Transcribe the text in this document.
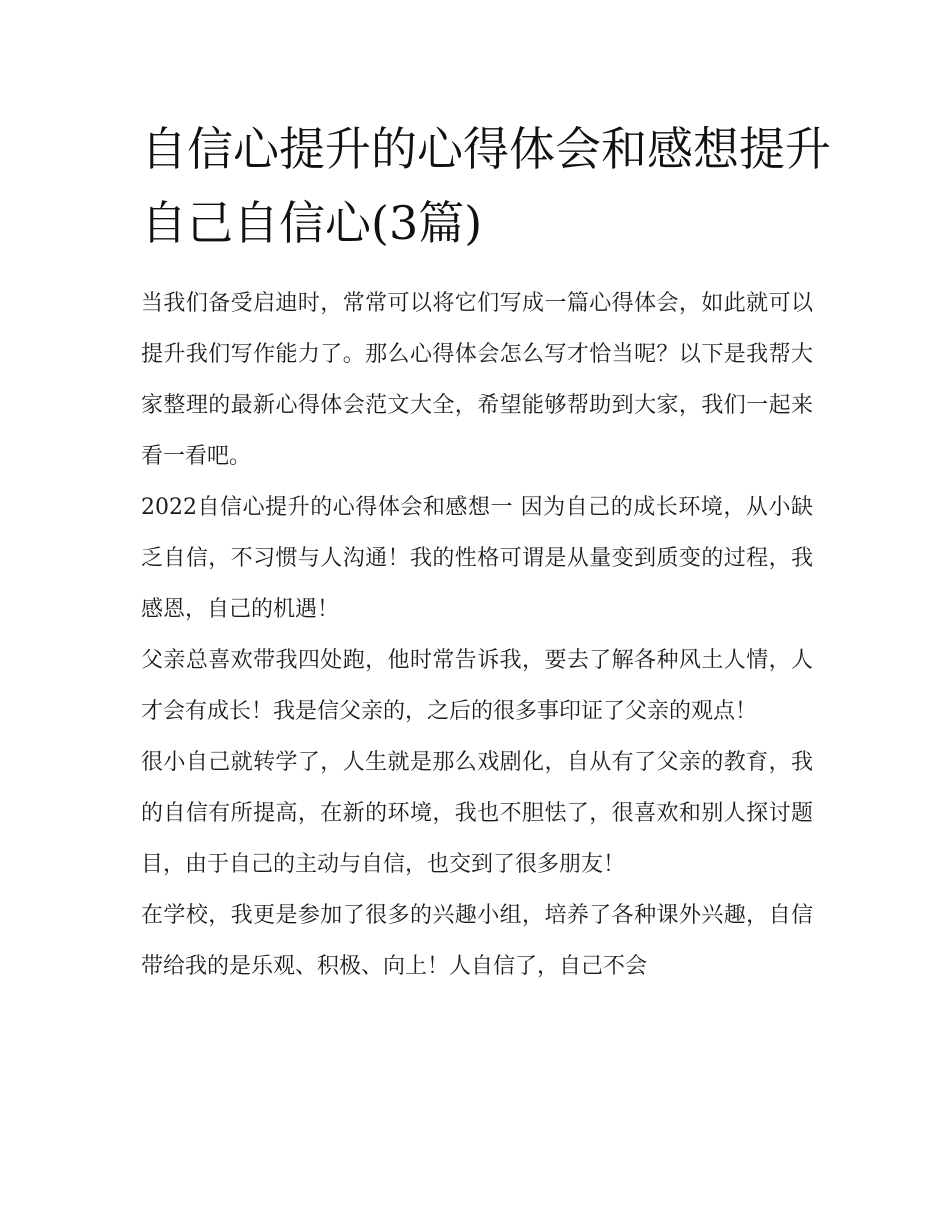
自信心提升的心得体会和感想提升自己自信心(3篇)

当我们备受启迪时，常常可以将它们写成一篇心得体会，如此就可以提升我们写作能力了。那么心得体会怎么写才恰当呢？以下是我帮大家整理的最新心得体会范文大全，希望能够帮助到大家，我们一起来看一看吧。

2022自信心提升的心得体会和感想一 因为自己的成长环境，从小缺乏自信，不习惯与人沟通！我的性格可谓是从量变到质变的过程，我感恩，自己的机遇！

父亲总喜欢带我四处跑，他时常告诉我，要去了解各种风土人情，人才会有成长！我是信父亲的，之后的很多事印证了父亲的观点！

很小自己就转学了，人生就是那么戏剧化，自从有了父亲的教育，我的自信有所提高，在新的环境，我也不胆怯了，很喜欢和别人探讨题目，由于自己的主动与自信，也交到了很多朋友！

在学校，我更是参加了很多的兴趣小组，培养了各种课外兴趣，自信带给我的是乐观、积极、向上！人自信了，自己不会
